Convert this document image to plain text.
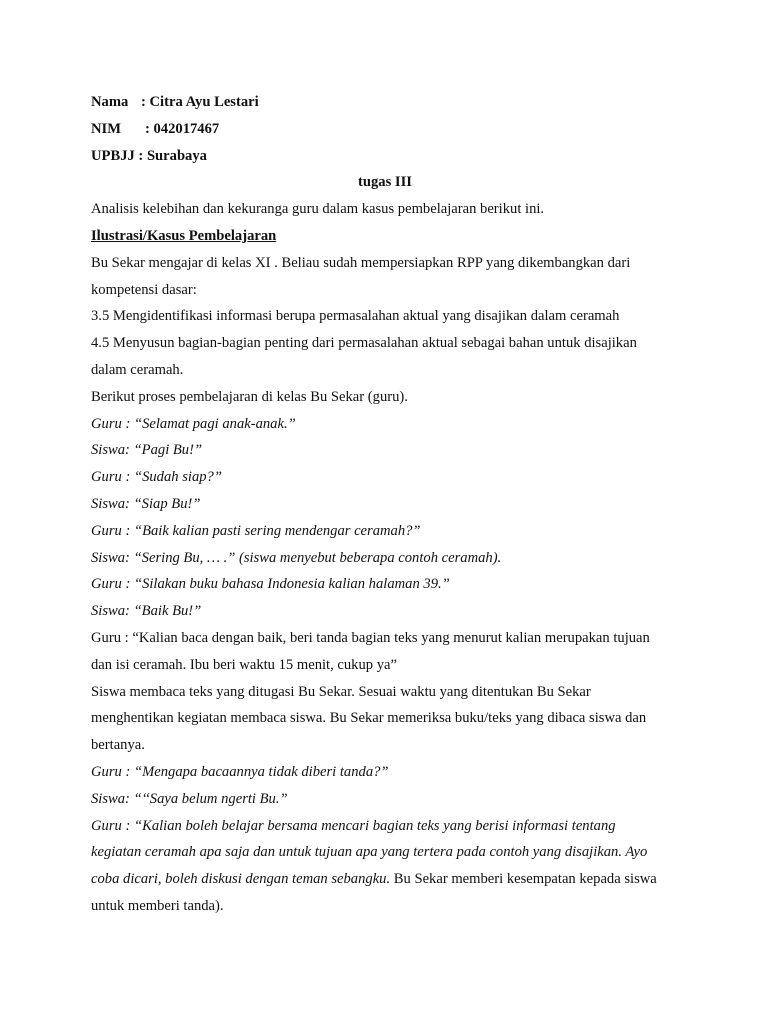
Nama : Citra Ayu Lestari
NIM : 042017467
UPBJJ : Surabaya
tugas III
Analisis kelebihan dan kekuranga guru dalam kasus pembelajaran berikut ini.
Ilustrasi/Kasus Pembelajaran
Bu Sekar mengajar di kelas XI . Beliau sudah mempersiapkan RPP yang dikembangkan dari
kompetensi dasar:
3.5 Mengidentifikasi informasi berupa permasalahan aktual yang disajikan dalam ceramah
4.5 Menyusun bagian-bagian penting dari permasalahan aktual sebagai bahan untuk disajikan
dalam ceramah.
Berikut proses pembelajaran di kelas Bu Sekar (guru).
Guru : “Selamat pagi anak-anak.”
Siswa: “Pagi Bu!”
Guru : “Sudah siap?”
Siswa: “Siap Bu!”
Guru : “Baik kalian pasti sering mendengar ceramah?”
Siswa: “Sering Bu, … .” (siswa menyebut beberapa contoh ceramah).
Guru : “Silakan buku bahasa Indonesia kalian halaman 39.”
Siswa: “Baik Bu!”
Guru : “Kalian baca dengan baik, beri tanda bagian teks yang menurut kalian merupakan tujuan
dan isi ceramah. Ibu beri waktu 15 menit, cukup ya”
Siswa membaca teks yang ditugasi Bu Sekar. Sesuai waktu yang ditentukan Bu Sekar
menghentikan kegiatan membaca siswa. Bu Sekar memeriksa buku/teks yang dibaca siswa dan
bertanya.
Guru : “Mengapa bacaannya tidak diberi tanda?”
Siswa: “‘‘Saya belum ngerti Bu.”
Guru : “Kalian boleh belajar bersama mencari bagian teks yang berisi informasi tentang
kegiatan ceramah apa saja dan untuk tujuan apa yang tertera pada contoh yang disajikan. Ayo
coba dicari, boleh diskusi dengan teman sebangku. Bu Sekar memberi kesempatan kepada siswa
untuk memberi tanda).
